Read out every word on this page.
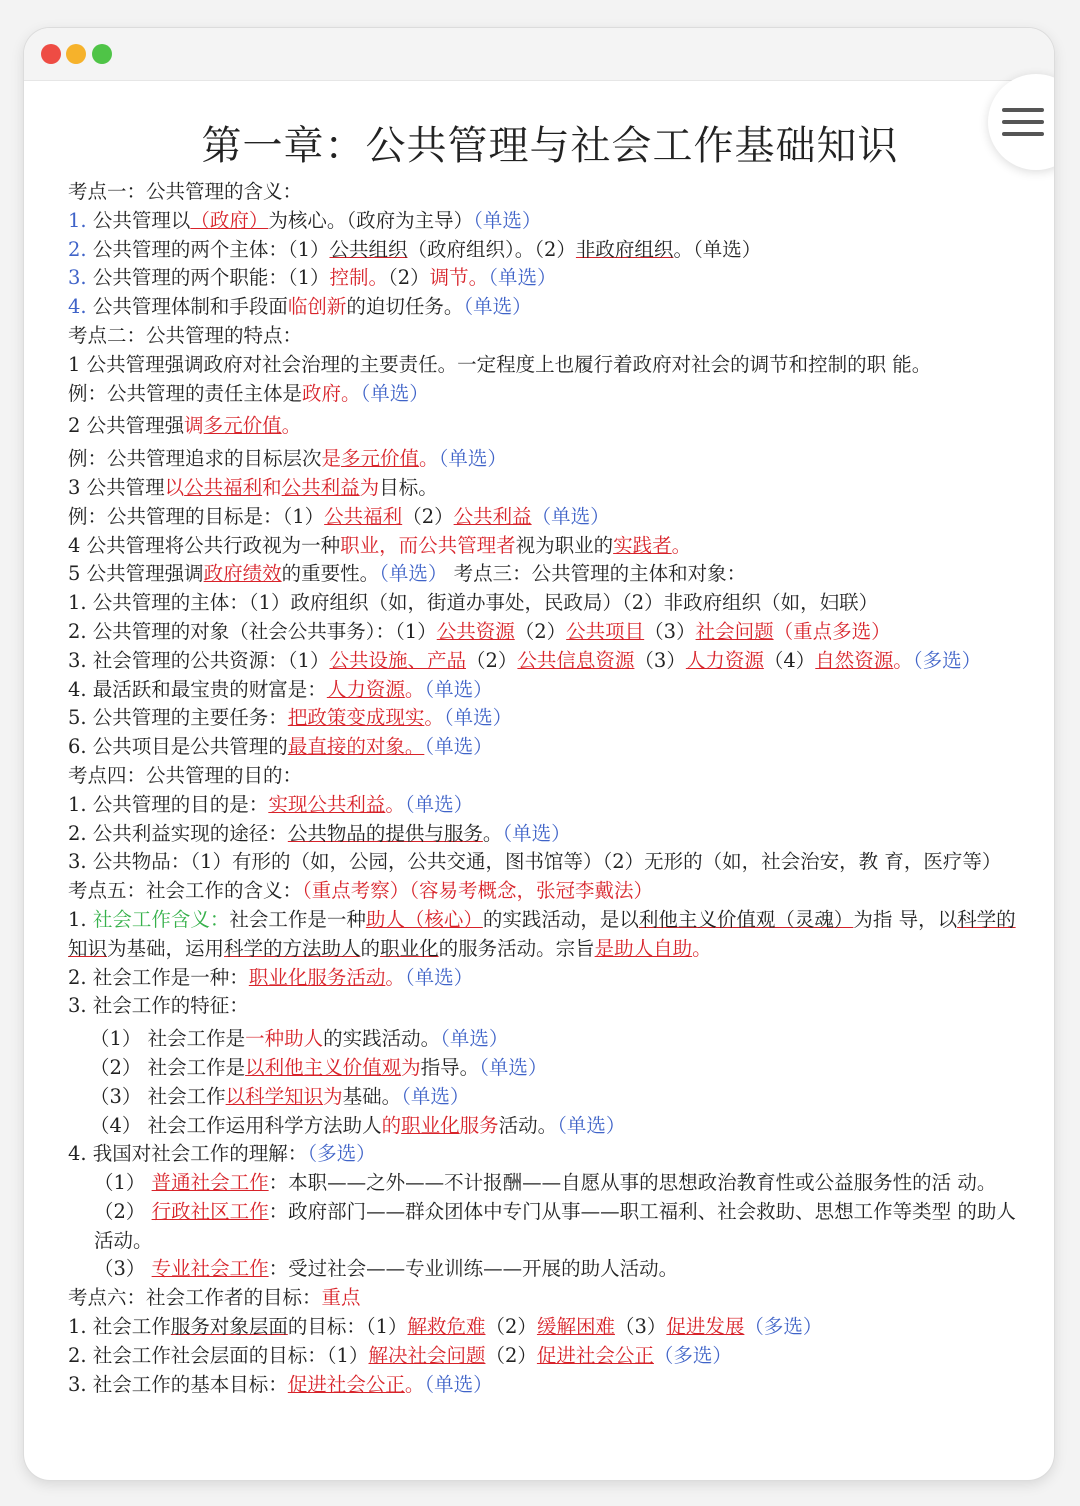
第一章：公共管理与社会工作基础知识

考点一：公共管理的含义：

1. 公共管理以（政府）为核心。（政府为主导）（单选）

2. 公共管理的两个主体：（1）公共组织（政府组织）。（2）非政府组织。（单选）

3. 公共管理的两个职能：（1）控制。（2）调节。（单选）

4. 公共管理体制和手段面临创新的迫切任务。（单选）

考点二：公共管理的特点：

1 公共管理强调政府对社会治理的主要责任。一定程度上也履行着政府对社会的调节和控制的职 能。

例：公共管理的责任主体是政府。（单选）

2 公共管理强调多元价值。

例：公共管理追求的目标层次是多元价值。（单选）

3 公共管理以公共福利和公共利益为目标。

例：公共管理的目标是：（1）公共福利（2）公共利益（单选）

4 公共管理将公共行政视为一种职业，而公共管理者视为职业的实践者。

5 公共管理强调政府绩效的重要性。（单选） 考点三：公共管理的主体和对象：

1. 公共管理的主体：（1）政府组织（如，街道办事处，民政局）（2）非政府组织（如，妇联）

2. 公共管理的对象（社会公共事务）：（1）公共资源（2）公共项目（3）社会问题（重点多选）

3. 社会管理的公共资源：（1）公共设施、产品（2）公共信息资源（3）人力资源（4）自然资源。（多选）

4. 最活跃和最宝贵的财富是：人力资源。（单选）

5. 公共管理的主要任务：把政策变成现实。（单选）

6. 公共项目是公共管理的最直接的对象。（单选）

考点四：公共管理的目的：

1. 公共管理的目的是：实现公共利益。（单选）

2. 公共利益实现的途径：公共物品的提供与服务。（单选）

3. 公共物品：（1）有形的（如，公园，公共交通，图书馆等）（2）无形的（如，社会治安，教 育，医疗等）

考点五：社会工作的含义：（重点考察）（容易考概念，张冠李戴法）

1. 社会工作含义：社会工作是一种助人（核心）的实践活动，是以利他主义价值观（灵魂）为指 导，以科学的知识为基础，运用科学的方法助人的职业化的服务活动。宗旨是助人自助。

2. 社会工作是一种：职业化服务活动。（单选）

3. 社会工作的特征：

（1） 社会工作是一种助人的实践活动。（单选）

（2） 社会工作是以利他主义价值观为指导。（单选）

（3） 社会工作以科学知识为基础。（单选）

（4） 社会工作运用科学方法助人的职业化服务活动。（单选）

4. 我国对社会工作的理解：（多选）

（1） 普通社会工作：本职——之外——不计报酬——自愿从事的思想政治教育性或公益服务性的活 动。

（2） 行政社区工作：政府部门——群众团体中专门从事——职工福利、社会救助、思想工作等类型 的助人活动。

（3） 专业社会工作：受过社会——专业训练——开展的助人活动。

考点六：社会工作者的目标：重点

1. 社会工作服务对象层面的目标：（1）解救危难（2）缓解困难（3）促进发展（多选）

2. 社会工作社会层面的目标：（1）解决社会问题（2）促进社会公正（多选）

3. 社会工作的基本目标：促进社会公正。（单选）
